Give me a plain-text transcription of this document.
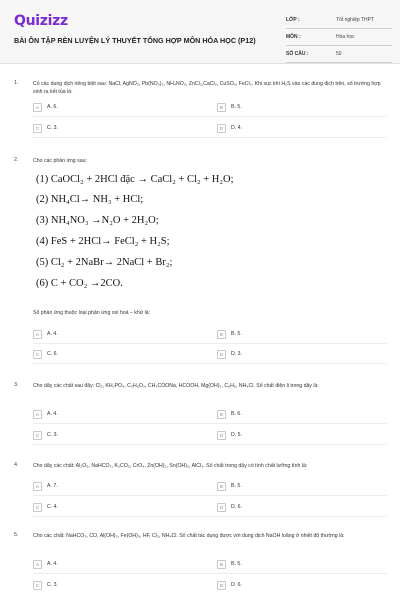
Quizizz
BÀI ÔN TẬP RÈN LUYỆN LÝ THUYẾT TỔNG HỢP MÔN HÓA HỌC (P12)
LỚP :	Tốt nghiệp THPT
MÔN :	Hóa học
SỐ CÂU :	50
1.	Có các dung dịch riêng biệt sau: NaCl, AgNO₃, Pb(NO₃)₂, NH₄NO₃, ZnCl₂,CaCl₂, CuSO₄, FeCl₂. Khi sục khí H₂S vào các dung dịch trên, số trường hợp sinh ra kết tủa là:
A	A. 6.	B	B. 5.
C	C. 3.	D	D. 4.
2.	Cho các phản ứng sau:
(1) CaOCl₂ + 2HCl đặc → CaCl₂ + Cl₂ + H₂O;
(2) NH₄Cl→ NH₃ + HCl;
(3) NH₄NO₃ →N₂O + 2H₂O;
(4) FeS + 2HCl→ FeCl₂ + H₂S;
(5) Cl₂ + 2NaBr→ 2NaCl + Br₂;
(6) C + CO₂ →2CO.
Số phản ứng thuộc loại phản ứng oxi hoá – khử là:
A	A. 4.	B	B. 5.
C	C. 6.	D	D. 3.
3.	Cho dãy các chất sau đây: Cl₂, KH₂PO₄, C₃H₈O₃, CH₃COONa, HCOOH, Mg(OH)₂, C₆H₆, NH₄Cl. Số chất điện li trong dãy là:
A	A. 4.	B	B. 6.
C	C. 3.	D	D. 5.
4.	Cho dãy các chất: Al₂O₃, NaHCO₃, K₂CO₃, CrO₃, Zn(OH)₂, Sn(OH)₂, AlCl₃. Số chất trong dãy có tính chất lưỡng tính là:
A	A. 7.	B	B. 5.
C	C. 4.	D	D. 6.
5.	Cho các chất: NaHCO₃, CO, Al(OH)₃, Fe(OH)₃, HF, Cl₂, NH₄Cl. Số chất tác dụng được với dung dịch NaOH loãng ở nhiệt độ thường là:
A	A. 4.	B	B. 5.
C	C. 3.	D	D. 6.
